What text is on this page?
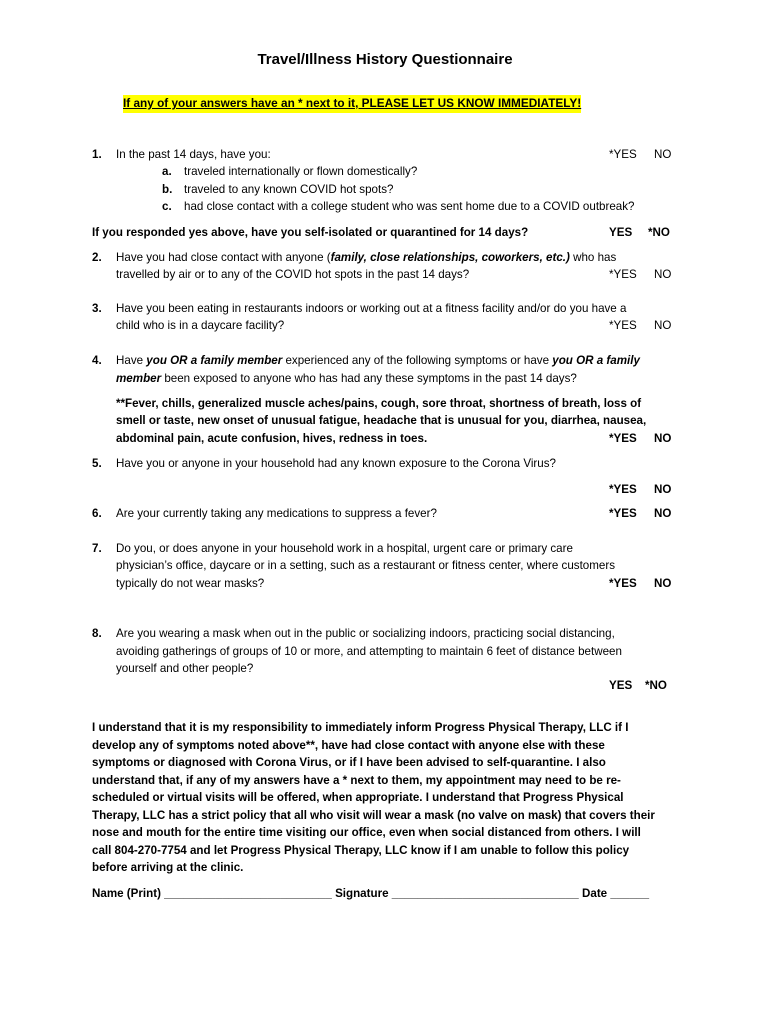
Travel/Illness History Questionnaire
If any of your answers have an * next to it, PLEASE LET US KNOW IMMEDIATELY!
1. In the past 14 days, have you:	*YES NO
a. traveled internationally or flown domestically?
b. traveled to any known COVID hot spots?
c. had close contact with a college student who was sent home due to a COVID outbreak?
If you responded yes above, have you self-isolated or quarantined for 14 days?	YES *NO
2. Have you had close contact with anyone (family, close relationships, coworkers, etc.) who has
travelled by air or to any of the COVID hot spots in the past 14 days?	*YES NO
3. Have you been eating in restaurants indoors or working out at a fitness facility and/or do you have a
child who is in a daycare facility?	*YES NO
4. Have you OR a family member experienced any of the following symptoms or have you OR a family
member been exposed to anyone who has had any these symptoms in the past 14 days?
**Fever, chills, generalized muscle aches/pains, cough, sore throat, shortness of breath, loss of
smell or taste, new onset of unusual fatigue, headache that is unusual for you, diarrhea, nausea,
abdominal pain, acute confusion, hives, redness in toes.	*YES NO
5. Have you or anyone in your household had any known exposure to the Corona Virus?
*YES NO
6. Are your currently taking any medications to suppress a fever?	*YES NO
7. Do you, or does anyone in your household work in a hospital, urgent care or primary care
physician’s office, daycare or in a setting, such as a restaurant or fitness center, where customers
typically do not wear masks?	*YES NO
8. Are you wearing a mask when out in the public or socializing indoors, practicing social distancing,
avoiding gatherings of groups of 10 or more, and attempting to maintain 6 feet of distance between
yourself and other people?
YES *NO
I understand that it is my responsibility to immediately inform Progress Physical Therapy, LLC if I
develop any of symptoms noted above**, have had close contact with anyone else with these
symptoms or diagnosed with Corona Virus, or if I have been advised to self-quarantine. I also
understand that, if any of my answers have a * next to them, my appointment may need to be re-
scheduled or virtual visits will be offered, when appropriate. I understand that Progress Physical
Therapy, LLC has a strict policy that all who visit will wear a mask (no valve on mask) that covers their
nose and mouth for the entire time visiting our office, even when social distanced from others. I will
call 804-270-7754 and let Progress Physical Therapy, LLC know if I am unable to follow this policy
before arriving at the clinic.
Name (Print) __________________________ Signature _____________________________ Date ______
